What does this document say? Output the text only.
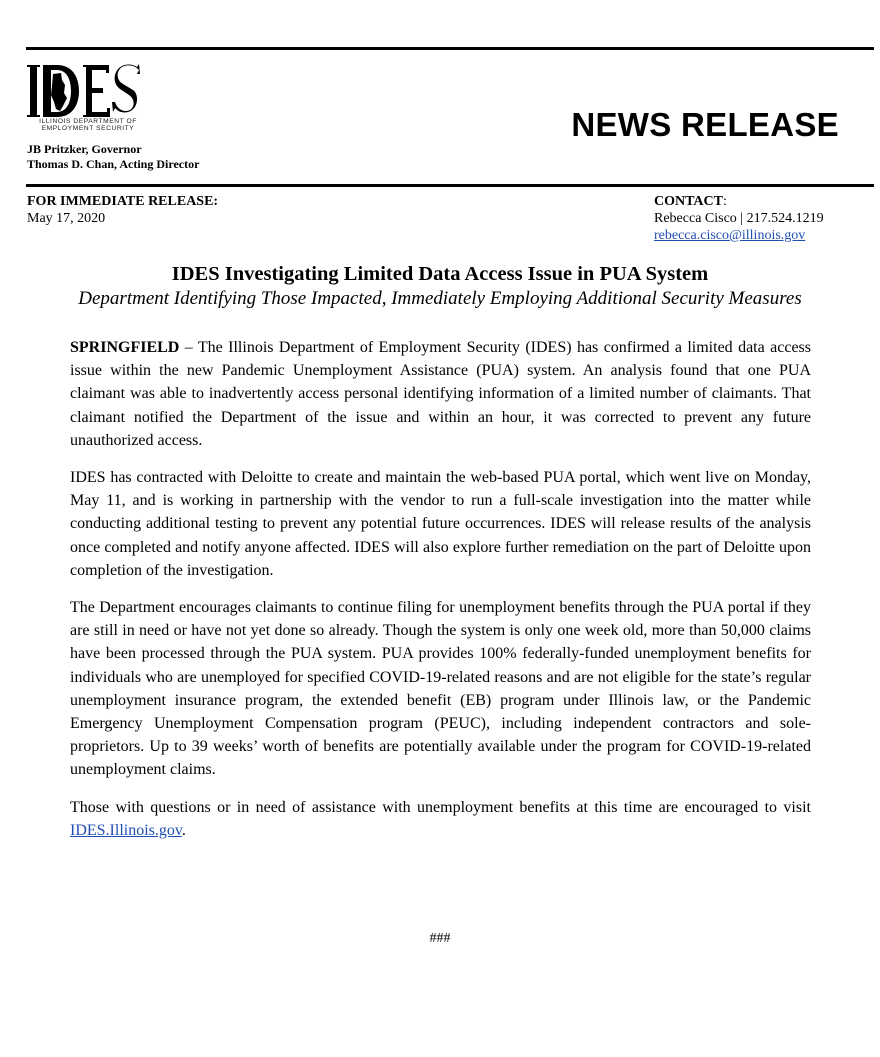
ILLINOIS DEPARTMENT OF
EMPLOYMENT SECURITY
JB Pritzker, Governor
Thomas D. Chan, Acting Director
NEWS RELEASE
FOR IMMEDIATE RELEASE:
May 17, 2020
CONTACT:
Rebecca Cisco | 217.524.1219
rebecca.cisco@illinois.gov
IDES Investigating Limited Data Access Issue in PUA System
Department Identifying Those Impacted, Immediately Employing Additional Security Measures

SPRINGFIELD – The Illinois Department of Employment Security (IDES) has confirmed a limited data access issue within the new Pandemic Unemployment Assistance (PUA) system. An analysis found that one PUA claimant was able to inadvertently access personal identifying information of a limited number of claimants. That claimant notified the Department of the issue and within an hour, it was corrected to prevent any future unauthorized access.

IDES has contracted with Deloitte to create and maintain the web-based PUA portal, which went live on Monday, May 11, and is working in partnership with the vendor to run a full-scale investigation into the matter while conducting additional testing to prevent any potential future occurrences. IDES will release results of the analysis once completed and notify anyone affected. IDES will also explore further remediation on the part of Deloitte upon completion of the investigation.

The Department encourages claimants to continue filing for unemployment benefits through the PUA portal if they are still in need or have not yet done so already. Though the system is only one week old, more than 50,000 claims have been processed through the PUA system. PUA provides 100% federally-funded unemployment benefits for individuals who are unemployed for specified COVID-19-related reasons and are not eligible for the state’s regular unemployment insurance program, the extended benefit (EB) program under Illinois law, or the Pandemic Emergency Unemployment Compensation program (PEUC), including independent contractors and sole-proprietors. Up to 39 weeks’ worth of benefits are potentially available under the program for COVID-19-related unemployment claims.

Those with questions or in need of assistance with unemployment benefits at this time are encouraged to visit IDES.Illinois.gov.

###
